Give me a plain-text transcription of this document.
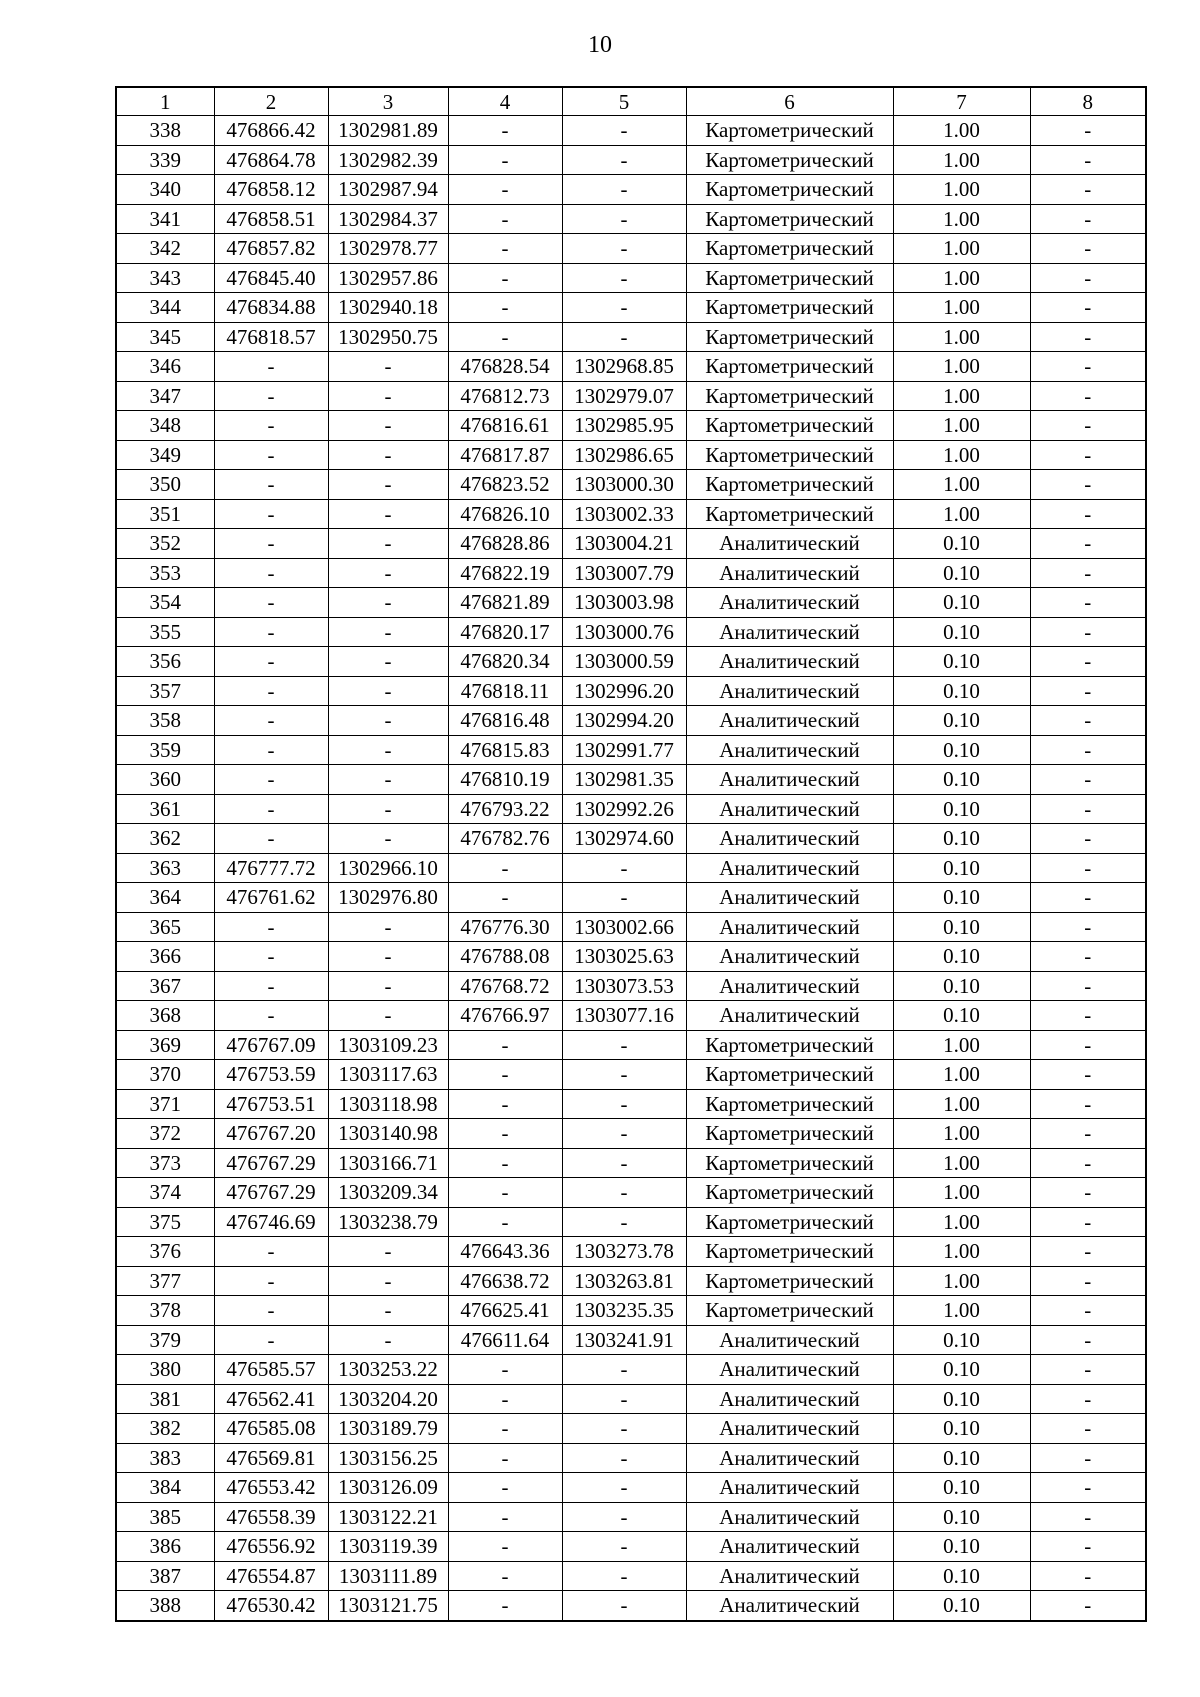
10
1	2	3	4	5	6	7	8
338	476866.42	1302981.89	-	-	Картометрический	1.00	-
339	476864.78	1302982.39	-	-	Картометрический	1.00	-
340	476858.12	1302987.94	-	-	Картометрический	1.00	-
341	476858.51	1302984.37	-	-	Картометрический	1.00	-
342	476857.82	1302978.77	-	-	Картометрический	1.00	-
343	476845.40	1302957.86	-	-	Картометрический	1.00	-
344	476834.88	1302940.18	-	-	Картометрический	1.00	-
345	476818.57	1302950.75	-	-	Картометрический	1.00	-
346	-	-	476828.54	1302968.85	Картометрический	1.00	-
347	-	-	476812.73	1302979.07	Картометрический	1.00	-
348	-	-	476816.61	1302985.95	Картометрический	1.00	-
349	-	-	476817.87	1302986.65	Картометрический	1.00	-
350	-	-	476823.52	1303000.30	Картометрический	1.00	-
351	-	-	476826.10	1303002.33	Картометрический	1.00	-
352	-	-	476828.86	1303004.21	Аналитический	0.10	-
353	-	-	476822.19	1303007.79	Аналитический	0.10	-
354	-	-	476821.89	1303003.98	Аналитический	0.10	-
355	-	-	476820.17	1303000.76	Аналитический	0.10	-
356	-	-	476820.34	1303000.59	Аналитический	0.10	-
357	-	-	476818.11	1302996.20	Аналитический	0.10	-
358	-	-	476816.48	1302994.20	Аналитический	0.10	-
359	-	-	476815.83	1302991.77	Аналитический	0.10	-
360	-	-	476810.19	1302981.35	Аналитический	0.10	-
361	-	-	476793.22	1302992.26	Аналитический	0.10	-
362	-	-	476782.76	1302974.60	Аналитический	0.10	-
363	476777.72	1302966.10	-	-	Аналитический	0.10	-
364	476761.62	1302976.80	-	-	Аналитический	0.10	-
365	-	-	476776.30	1303002.66	Аналитический	0.10	-
366	-	-	476788.08	1303025.63	Аналитический	0.10	-
367	-	-	476768.72	1303073.53	Аналитический	0.10	-
368	-	-	476766.97	1303077.16	Аналитический	0.10	-
369	476767.09	1303109.23	-	-	Картометрический	1.00	-
370	476753.59	1303117.63	-	-	Картометрический	1.00	-
371	476753.51	1303118.98	-	-	Картометрический	1.00	-
372	476767.20	1303140.98	-	-	Картометрический	1.00	-
373	476767.29	1303166.71	-	-	Картометрический	1.00	-
374	476767.29	1303209.34	-	-	Картометрический	1.00	-
375	476746.69	1303238.79	-	-	Картометрический	1.00	-
376	-	-	476643.36	1303273.78	Картометрический	1.00	-
377	-	-	476638.72	1303263.81	Картометрический	1.00	-
378	-	-	476625.41	1303235.35	Картометрический	1.00	-
379	-	-	476611.64	1303241.91	Аналитический	0.10	-
380	476585.57	1303253.22	-	-	Аналитический	0.10	-
381	476562.41	1303204.20	-	-	Аналитический	0.10	-
382	476585.08	1303189.79	-	-	Аналитический	0.10	-
383	476569.81	1303156.25	-	-	Аналитический	0.10	-
384	476553.42	1303126.09	-	-	Аналитический	0.10	-
385	476558.39	1303122.21	-	-	Аналитический	0.10	-
386	476556.92	1303119.39	-	-	Аналитический	0.10	-
387	476554.87	1303111.89	-	-	Аналитический	0.10	-
388	476530.42	1303121.75	-	-	Аналитический	0.10	-
